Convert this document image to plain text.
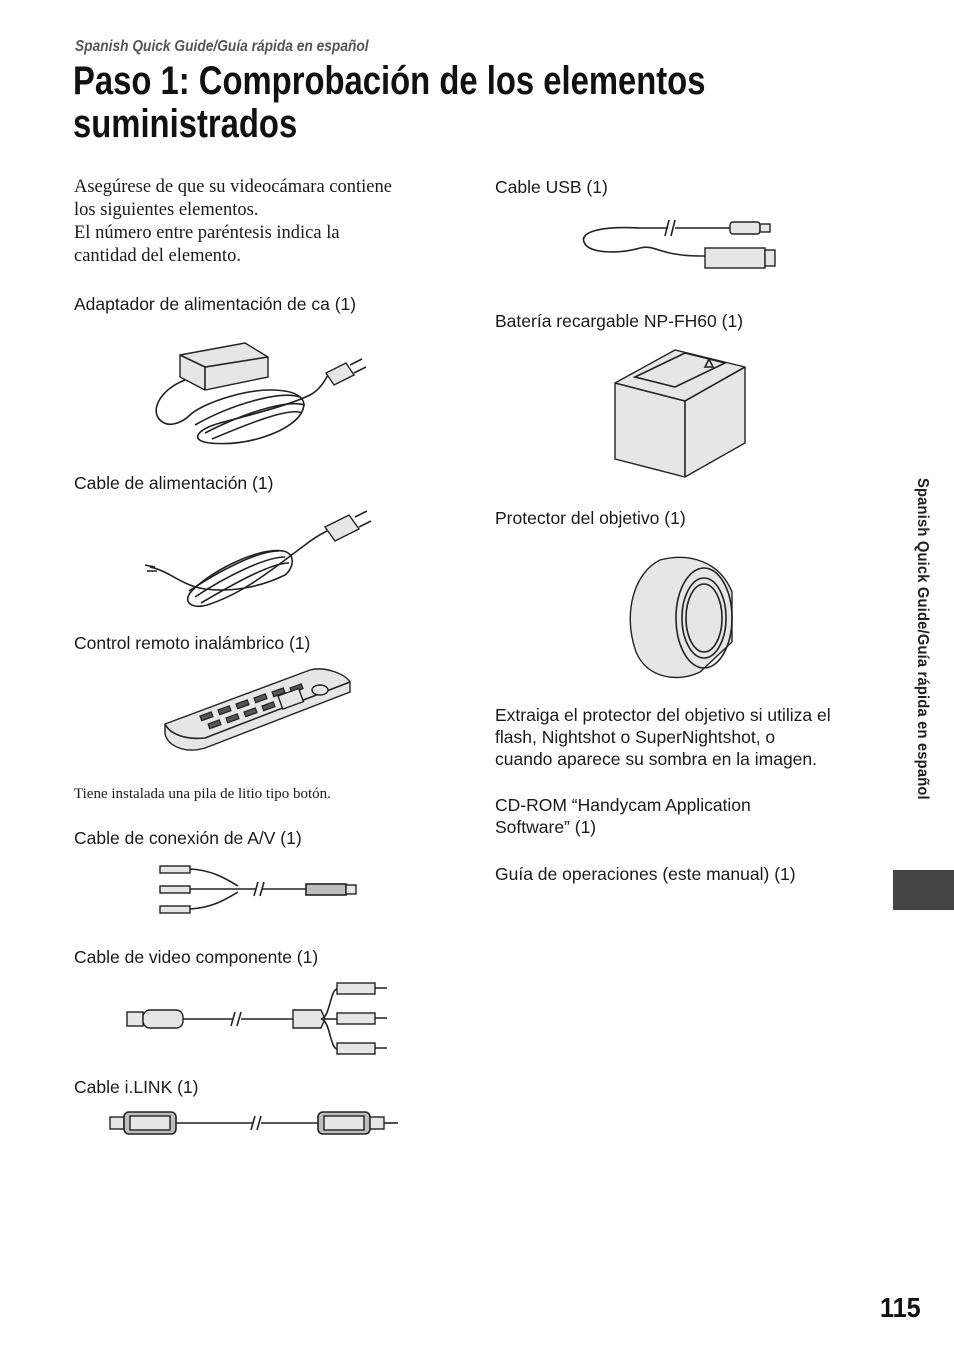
Spanish Quick Guide/Guía rápida en español
Paso 1: Comprobación de los elementos
suministrados
Asegúrese de que su videocámara contiene
los siguientes elementos.
El número entre paréntesis indica la
cantidad del elemento.
Adaptador de alimentación de ca (1)
Cable de alimentación (1)
Control remoto inalámbrico (1)
Tiene instalada una pila de litio tipo botón.
Cable de conexión de A/V (1)
Cable de video componente (1)
Cable i.LINK (1)
Cable USB (1)
Batería recargable NP-FH60 (1)
Protector del objetivo (1)
Extraiga el protector del objetivo si utiliza el
flash, Nightshot o SuperNightshot, o
cuando aparece su sombra en la imagen.
CD-ROM “Handycam Application
Software” (1)
Guía de operaciones (este manual) (1)
Spanish Quick Guide/Guía rápida en español
115
